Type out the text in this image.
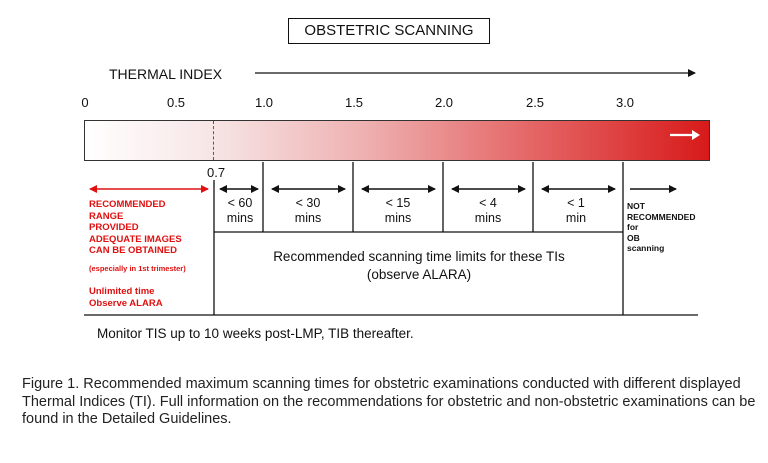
OBSTETRIC SCANNING
THERMAL INDEX
0	0.5	1.0	1.5	2.0	2.5	3.0
0.7
RECOMMENDED
RANGE
PROVIDED
ADEQUATE IMAGES
CAN BE OBTAINED
(especially in 1st trimester)
Unlimited time
Observe ALARA
< 60
mins
< 30
mins
< 15
mins
< 4
mins
< 1
min
NOT
RECOMMENDED
for
OB
scanning
Recommended scanning time limits for these TIs
(observe ALARA)
Monitor TIS up to 10 weeks post-LMP, TIB thereafter.
Figure 1. Recommended maximum scanning times for obstetric examinations conducted with different displayed Thermal Indices (TI). Full information on the recommendations for obstetric and non-obstetric examinations can be found in the Detailed Guidelines.
